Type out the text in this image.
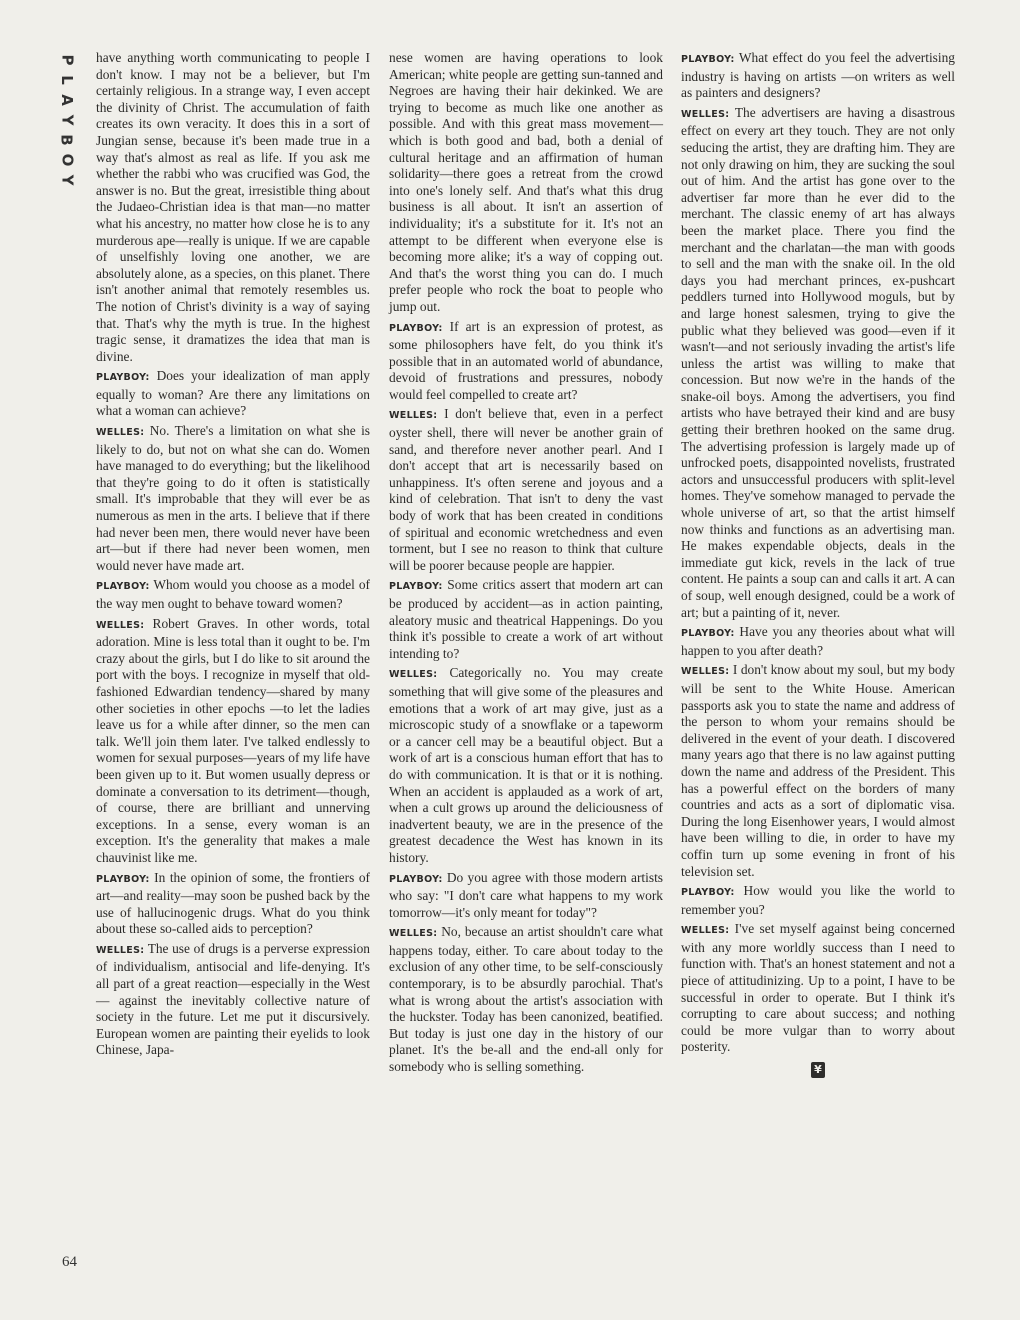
P
L
A
Y
B
O
Y
64

have anything worth communicating to people I don't know. I may not be a believer, but I'm certainly religious. In a strange way, I even accept the divinity of Christ. The accumulation of faith creates its own veracity. It does this in a sort of Jungian sense, because it's been made true in a way that's almost as real as life. If you ask me whether the rabbi who was crucified was God, the answer is no. But the great, irresistible thing about the Judaeo-Christian idea is that man—no matter what his ancestry, no matter how close he is to any murderous ape—really is unique. If we are capable of unselfishly loving one another, we are absolutely alone, as a species, on this planet. There isn't another animal that remotely resembles us. The notion of Christ's divinity is a way of saying that. That's why the myth is true. In the highest tragic sense, it dramatizes the idea that man is divine.

PLAYBOY: Does your idealization of man apply equally to woman? Are there any limitations on what a woman can achieve?

WELLES: No. There's a limitation on what she is likely to do, but not on what she can do. Women have managed to do everything; but the likelihood that they're going to do it often is statistically small. It's improbable that they will ever be as numerous as men in the arts. I believe that if there had never been men, there would never have been art—but if there had never been women, men would never have made art.

PLAYBOY: Whom would you choose as a model of the way men ought to behave toward women?

WELLES: Robert Graves. In other words, total adoration. Mine is less total than it ought to be. I'm crazy about the girls, but I do like to sit around the port with the boys. I recognize in myself that old-fashioned Edwardian tendency—shared by many other societies in other epochs —to let the ladies leave us for a while after dinner, so the men can talk. We'll join them later. I've talked endlessly to women for sexual purposes—years of my life have been given up to it. But women usually depress or dominate a conversation to its detriment—though, of course, there are brilliant and unnerving exceptions. In a sense, every woman is an exception. It's the generality that makes a male chauvinist like me.

PLAYBOY: In the opinion of some, the frontiers of art—and reality—may soon be pushed back by the use of hallucinogenic drugs. What do you think about these so-called aids to perception?

WELLES: The use of drugs is a perverse expression of individualism, antisocial and life-denying. It's all part of a great reaction—especially in the West— against the inevitably collective nature of society in the future. Let me put it discursively. European women are painting their eyelids to look Chinese, Japa-

nese women are having operations to look American; white people are getting sun-tanned and Negroes are having their hair dekinked. We are trying to become as much like one another as possible. And with this great mass movement— which is both good and bad, both a denial of cultural heritage and an affirmation of human solidarity—there goes a retreat from the crowd into one's lonely self. And that's what this drug business is all about. It isn't an assertion of individuality; it's a substitute for it. It's not an attempt to be different when everyone else is becoming more alike; it's a way of copping out. And that's the worst thing you can do. I much prefer people who rock the boat to people who jump out.

PLAYBOY: If art is an expression of protest, as some philosophers have felt, do you think it's possible that in an automated world of abundance, devoid of frustrations and pressures, nobody would feel compelled to create art?

WELLES: I don't believe that, even in a perfect oyster shell, there will never be another grain of sand, and therefore never another pearl. And I don't accept that art is necessarily based on unhappiness. It's often serene and joyous and a kind of celebration. That isn't to deny the vast body of work that has been created in conditions of spiritual and economic wretchedness and even torment, but I see no reason to think that culture will be poorer because people are happier.

PLAYBOY: Some critics assert that modern art can be produced by accident—as in action painting, aleatory music and theatrical Happenings. Do you think it's possible to create a work of art without intending to?

WELLES: Categorically no. You may create something that will give some of the pleasures and emotions that a work of art may give, just as a microscopic study of a snowflake or a tapeworm or a cancer cell may be a beautiful object. But a work of art is a conscious human effort that has to do with communication. It is that or it is nothing. When an accident is applauded as a work of art, when a cult grows up around the deliciousness of inadvertent beauty, we are in the presence of the greatest decadence the West has known in its history.

PLAYBOY: Do you agree with those modern artists who say: "I don't care what happens to my work tomorrow—it's only meant for today"?

WELLES: No, because an artist shouldn't care what happens today, either. To care about today to the exclusion of any other time, to be self-consciously contemporary, is to be absurdly parochial. That's what is wrong about the artist's association with the huckster. Today has been canonized, beatified. But today is just one day in the history of our planet. It's the be-all and the end-all only for somebody who is selling something.

PLAYBOY: What effect do you feel the advertising industry is having on artists —on writers as well as painters and designers?

WELLES: The advertisers are having a disastrous effect on every art they touch. They are not only seducing the artist, they are drafting him. They are not only drawing on him, they are sucking the soul out of him. And the artist has gone over to the advertiser far more than he ever did to the merchant. The classic enemy of art has always been the market place. There you find the merchant and the charlatan—the man with goods to sell and the man with the snake oil. In the old days you had merchant princes, ex-pushcart peddlers turned into Hollywood moguls, but by and large honest salesmen, trying to give the public what they believed was good—even if it wasn't—and not seriously invading the artist's life unless the artist was willing to make that concession. But now we're in the hands of the snake-oil boys. Among the advertisers, you find artists who have betrayed their kind and are busy getting their brethren hooked on the same drug. The advertising profession is largely made up of unfrocked poets, disappointed novelists, frustrated actors and unsuccessful producers with split-level homes. They've somehow managed to pervade the whole universe of art, so that the artist himself now thinks and functions as an advertising man. He makes expendable objects, deals in the immediate gut kick, revels in the lack of true content. He paints a soup can and calls it art. A can of soup, well enough designed, could be a work of art; but a painting of it, never.

PLAYBOY: Have you any theories about what will happen to you after death?

WELLES: I don't know about my soul, but my body will be sent to the White House. American passports ask you to state the name and address of the person to whom your remains should be delivered in the event of your death. I discovered many years ago that there is no law against putting down the name and address of the President. This has a powerful effect on the borders of many countries and acts as a sort of diplomatic visa. During the long Eisenhower years, I would almost have been willing to die, in order to have my coffin turn up some evening in front of his television set.

PLAYBOY: How would you like the world to remember you?

WELLES: I've set myself against being concerned with any more worldly success than I need to function with. That's an honest statement and not a piece of attitudinizing. Up to a point, I have to be successful in order to operate. But I think it's corrupting to care about success; and nothing could be more vulgar than to worry about posterity.

¥
